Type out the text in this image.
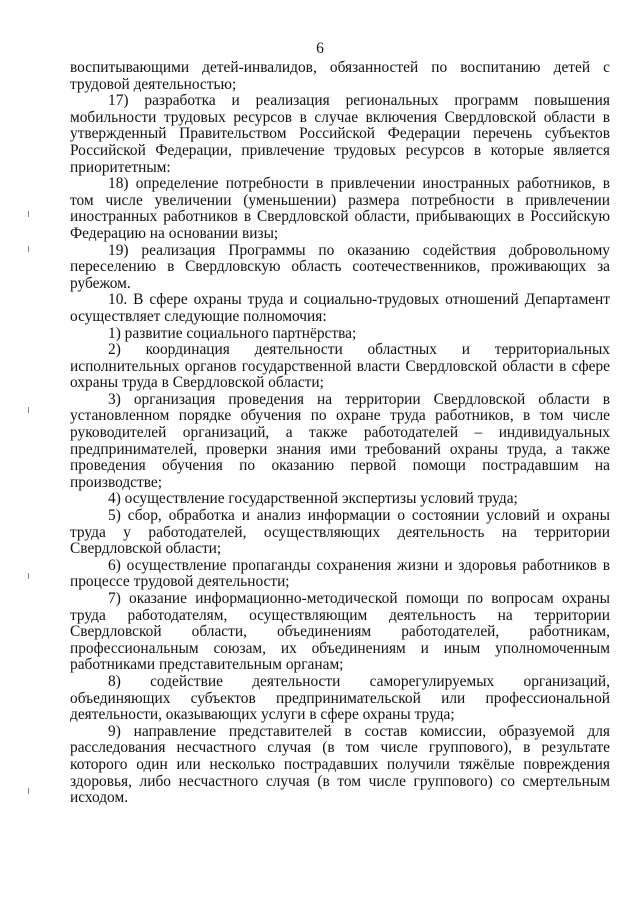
6

воспитывающими детей-инвалидов, обязанностей по воспитанию детей с трудовой деятельностью;

17) разработка и реализация региональных программ повышения мобильности трудовых ресурсов в случае включения Свердловской области в утвержденный Правительством Российской Федерации перечень субъектов Российской Федерации, привлечение трудовых ресурсов в которые является приоритетным:

18) определение потребности в привлечении иностранных работников, в том числе увеличении (уменьшении) размера потребности в привлечении иностранных работников в Свердловской области, прибывающих в Российскую Федерацию на основании визы;

19) реализация Программы по оказанию содействия добровольному переселению в Свердловскую область соотечественников, проживающих за рубежом.

10. В сфере охраны труда и социально-трудовых отношений Департамент осуществляет следующие полномочия:

1) развитие социального партнёрства;

2) координация деятельности областных и территориальных исполнительных органов государственной власти Свердловской области в сфере охраны труда в Свердловской области;

3) организация проведения на территории Свердловской области в установленном порядке обучения по охране труда работников, в том числе руководителей организаций, а также работодателей – индивидуальных предпринимателей, проверки знания ими требований охраны труда, а также проведения обучения по оказанию первой помощи пострадавшим на производстве;

4) осуществление государственной экспертизы условий труда;

5) сбор, обработка и анализ информации о состоянии условий и охраны труда у работодателей, осуществляющих деятельность на территории Свердловской области;

6) осуществление пропаганды сохранения жизни и здоровья работников в процессе трудовой деятельности;

7) оказание информационно-методической помощи по вопросам охраны труда работодателям, осуществляющим деятельность на территории Свердловской области, объединениям работодателей, работникам, профессиональным союзам, их объединениям и иным уполномоченным работниками представительным органам;

8) содействие деятельности саморегулируемых организаций, объединяющих субъектов предпринимательской или профессиональной деятельности, оказывающих услуги в сфере охраны труда;

9) направление представителей в состав комиссии, образуемой для расследования несчастного случая (в том числе группового), в результате которого один или несколько пострадавших получили тяжёлые повреждения здоровья, либо несчастного случая (в том числе группового) со смертельным исходом.
